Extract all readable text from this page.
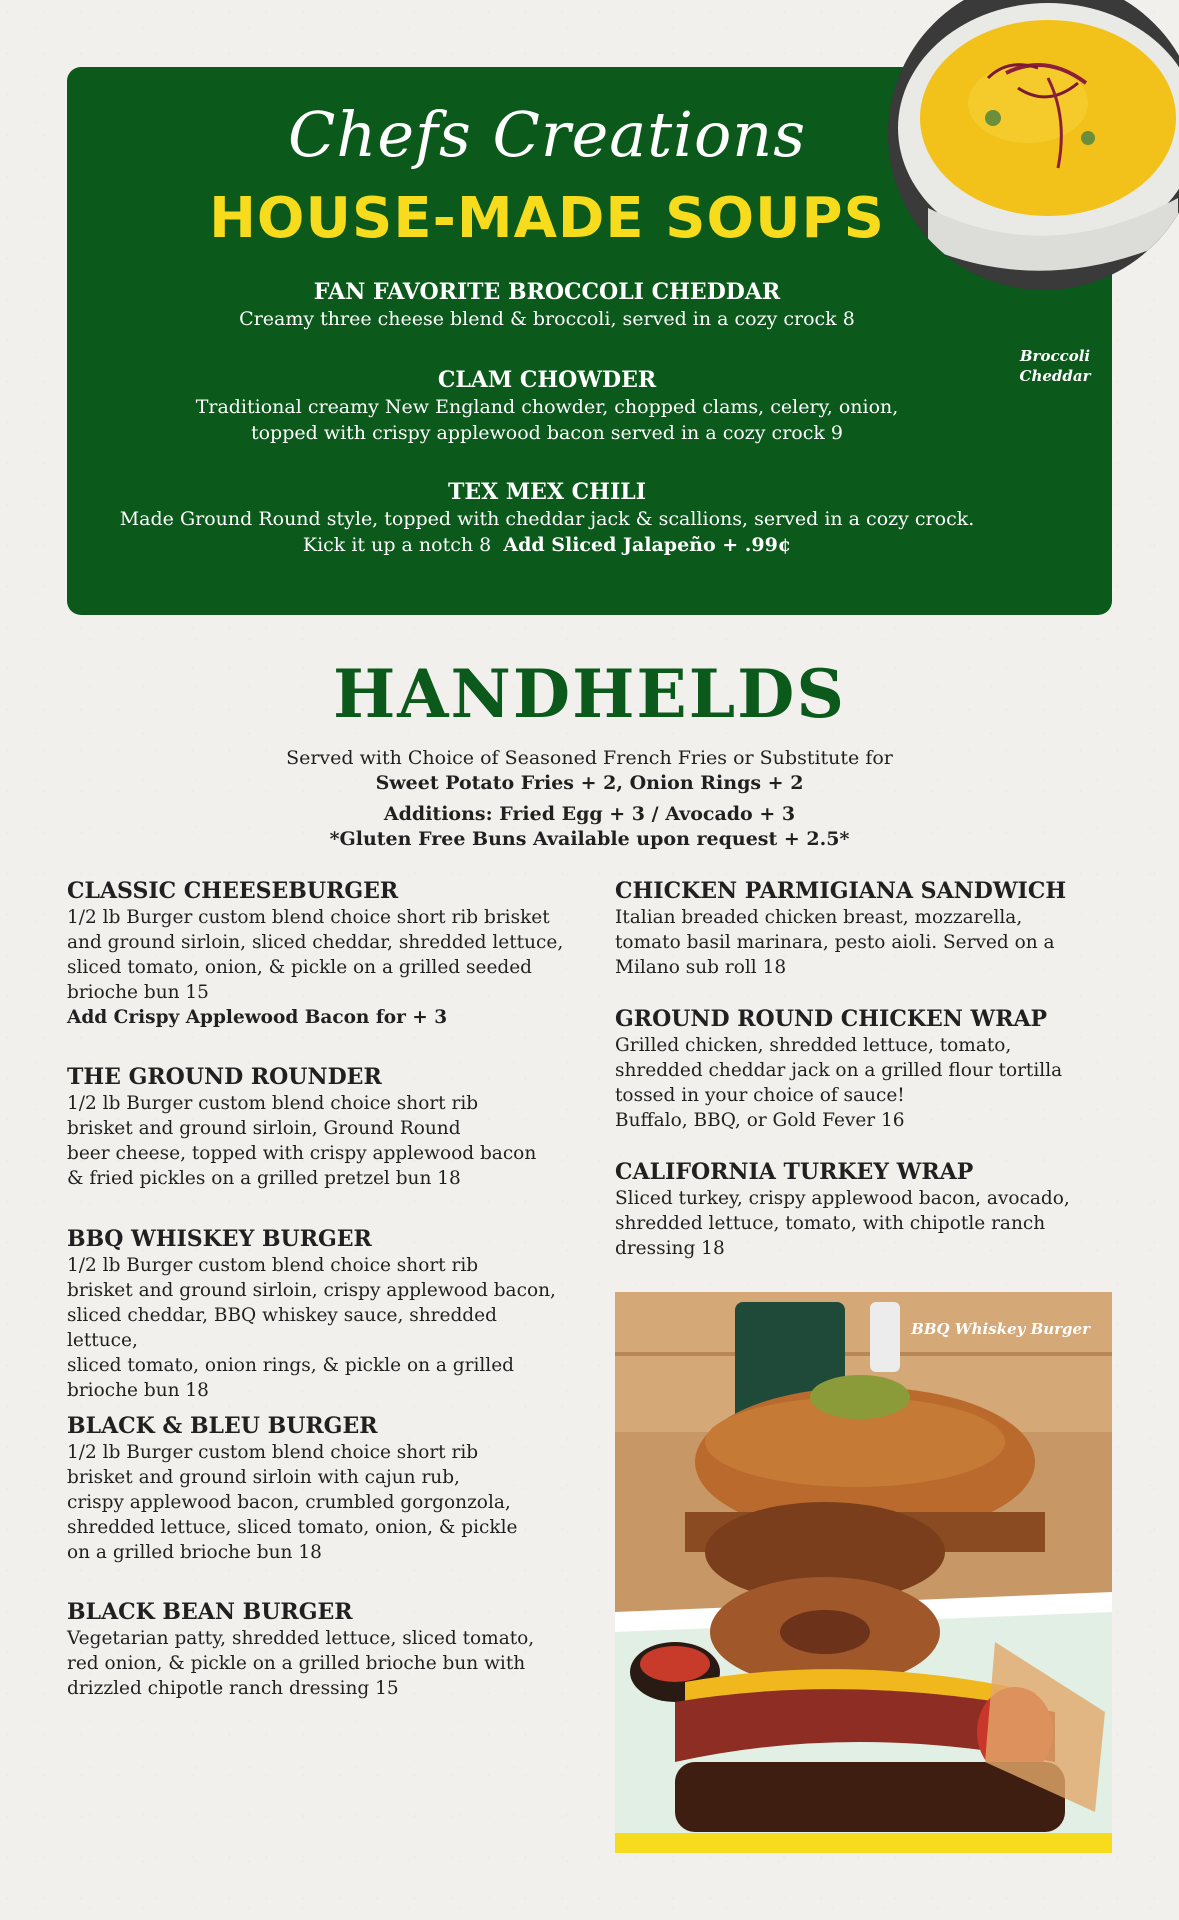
Chefs Creations
HOUSE-MADE SOUPS
FAN FAVORITE BROCCOLI CHEDDAR
Creamy three cheese blend & broccoli, served in a cozy crock 8
CLAM CHOWDER
Traditional creamy New England chowder, chopped clams, celery, onion,
topped with crispy applewood bacon served in a cozy crock 9
TEX MEX CHILI
Made Ground Round style, topped with cheddar jack & scallions, served in a cozy crock.
Kick it up a notch 8 Add Sliced Jalapeño + .99¢
Broccoli
Cheddar
HANDHELDS
Served with Choice of Seasoned French Fries or Substitute for
Sweet Potato Fries + 2, Onion Rings + 2
Additions: Fried Egg + 3 / Avocado + 3
*Gluten Free Buns Available upon request + 2.5*
CLASSIC CHEESEBURGER
1/2 lb Burger custom blend choice short rib brisket
and ground sirloin, sliced cheddar, shredded lettuce,
sliced tomato, onion, & pickle on a grilled seeded
brioche bun 15
Add Crispy Applewood Bacon for + 3
THE GROUND ROUNDER
1/2 lb Burger custom blend choice short rib
brisket and ground sirloin, Ground Round
beer cheese, topped with crispy applewood bacon
& fried pickles on a grilled pretzel bun 18
BBQ WHISKEY BURGER
1/2 lb Burger custom blend choice short rib
brisket and ground sirloin, crispy applewood bacon,
sliced cheddar, BBQ whiskey sauce, shredded lettuce,
sliced tomato, onion rings, & pickle on a grilled
brioche bun 18
BLACK & BLEU BURGER
1/2 lb Burger custom blend choice short rib
brisket and ground sirloin with cajun rub,
crispy applewood bacon, crumbled gorgonzola,
shredded lettuce, sliced tomato, onion, & pickle
on a grilled brioche bun 18
BLACK BEAN BURGER
Vegetarian patty, shredded lettuce, sliced tomato,
red onion, & pickle on a grilled brioche bun with
drizzled chipotle ranch dressing 15
CHICKEN PARMIGIANA SANDWICH
Italian breaded chicken breast, mozzarella,
tomato basil marinara, pesto aioli. Served on a
Milano sub roll 18
GROUND ROUND CHICKEN WRAP
Grilled chicken, shredded lettuce, tomato,
shredded cheddar jack on a grilled flour tortilla
tossed in your choice of sauce!
Buffalo, BBQ, or Gold Fever 16
CALIFORNIA TURKEY WRAP
Sliced turkey, crispy applewood bacon, avocado,
shredded lettuce, tomato, with chipotle ranch
dressing 18
BBQ Whiskey Burger
